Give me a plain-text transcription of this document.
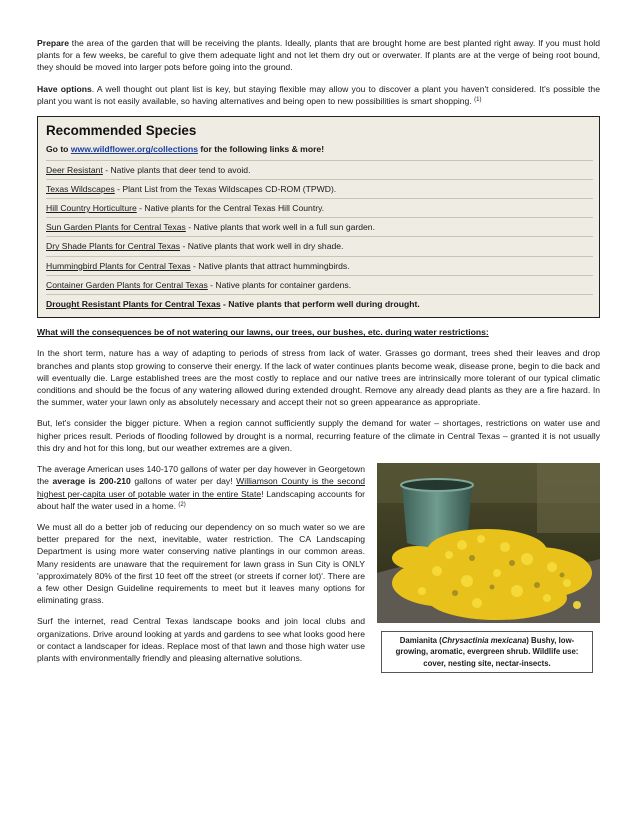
Prepare the area of the garden that will be receiving the plants. Ideally, plants that are brought home are best planted right away. If you must hold plants for a few weeks, be careful to give them adequate light and not let them dry out or overwater. If plants are at the verge of being root bound, they should be moved into larger pots before going into the ground.

Have options. A well thought out plant list is key, but staying flexible may allow you to discover a plant you haven't considered. It's possible the plant you want is not easily available, so having alternatives and being open to new possibilities is smart shopping. $^{(1)}$

Recommended Species
Go to www.wildflower.org/collections for the following links & more!
Deer Resistant - Native plants that deer tend to avoid.
Texas Wildscapes - Plant List from the Texas Wildscapes CD-ROM (TPWD).
Hill Country Horticulture - Native plants for the Central Texas Hill Country.
Sun Garden Plants for Central Texas - Native plants that work well in a full sun garden.
Dry Shade Plants for Central Texas - Native plants that work well in dry shade.
Hummingbird Plants for Central Texas - Native plants that attract hummingbirds.
Container Garden Plants for Central Texas - Native plants for container gardens.
Drought Resistant Plants for Central Texas - Native plants that perform well during drought.
What will the consequences be of not watering our lawns, our trees, our bushes, etc. during water restrictions:

In the short term, nature has a way of adapting to periods of stress from lack of water. Grasses go dormant, trees shed their leaves and drop branches and plants stop growing to conserve their energy. If the lack of water continues plants become weak, disease prone, begin to die back and will eventually die. Large established trees are the most costly to replace and our native trees are intrinsically more tolerant of our typical climatic conditions and should be the focus of any watering allowed during extended drought. Remove any already dead plants as they are a fire hazard. In the summer, water your lawn only as absolutely necessary and accept their not so green appearance as appropriate.

But, let's consider the bigger picture. When a region cannot sufficiently supply the demand for water – shortages, restrictions on water use and higher prices result. Periods of flooding followed by drought is a normal, recurring feature of the climate in Central Texas – granted it is not usually this dry and hot for this long, but our weather extremes are a given.

The average American uses 140-170 gallons of water per day however in Georgetown the average is 200-210 gallons of water per day! Williamson County is the second highest per-capita user of potable water in the entire State! Landscaping accounts for about half the water used in a home. $^{(2)}$

We must all do a better job of reducing our dependency on so much water so we are better prepared for the next, inevitable, water restriction. The CA Landscaping Department is using more water conserving native plantings in our common areas. Many residents are unaware that the requirement for lawn grass in Sun City is ONLY 'approximately 80% of the first 10 feet off the street (or streets if corner lot)'. There are a few other Design Guideline requirements to meet but it leaves many options for eliminating grass.

Surf the internet, read Central Texas landscape books and join local clubs and organizations. Drive around looking at yards and gardens to see what looks good here or contact a landscaper for ideas. Replace most of that lawn and those high water use plants with environmentally friendly and pleasing alternative solutions.

Damianita (Chrysactinia mexicana) Bushy, low-growing, aromatic, evergreen shrub. Wildlife use: cover, nesting site, nectar-insects.
